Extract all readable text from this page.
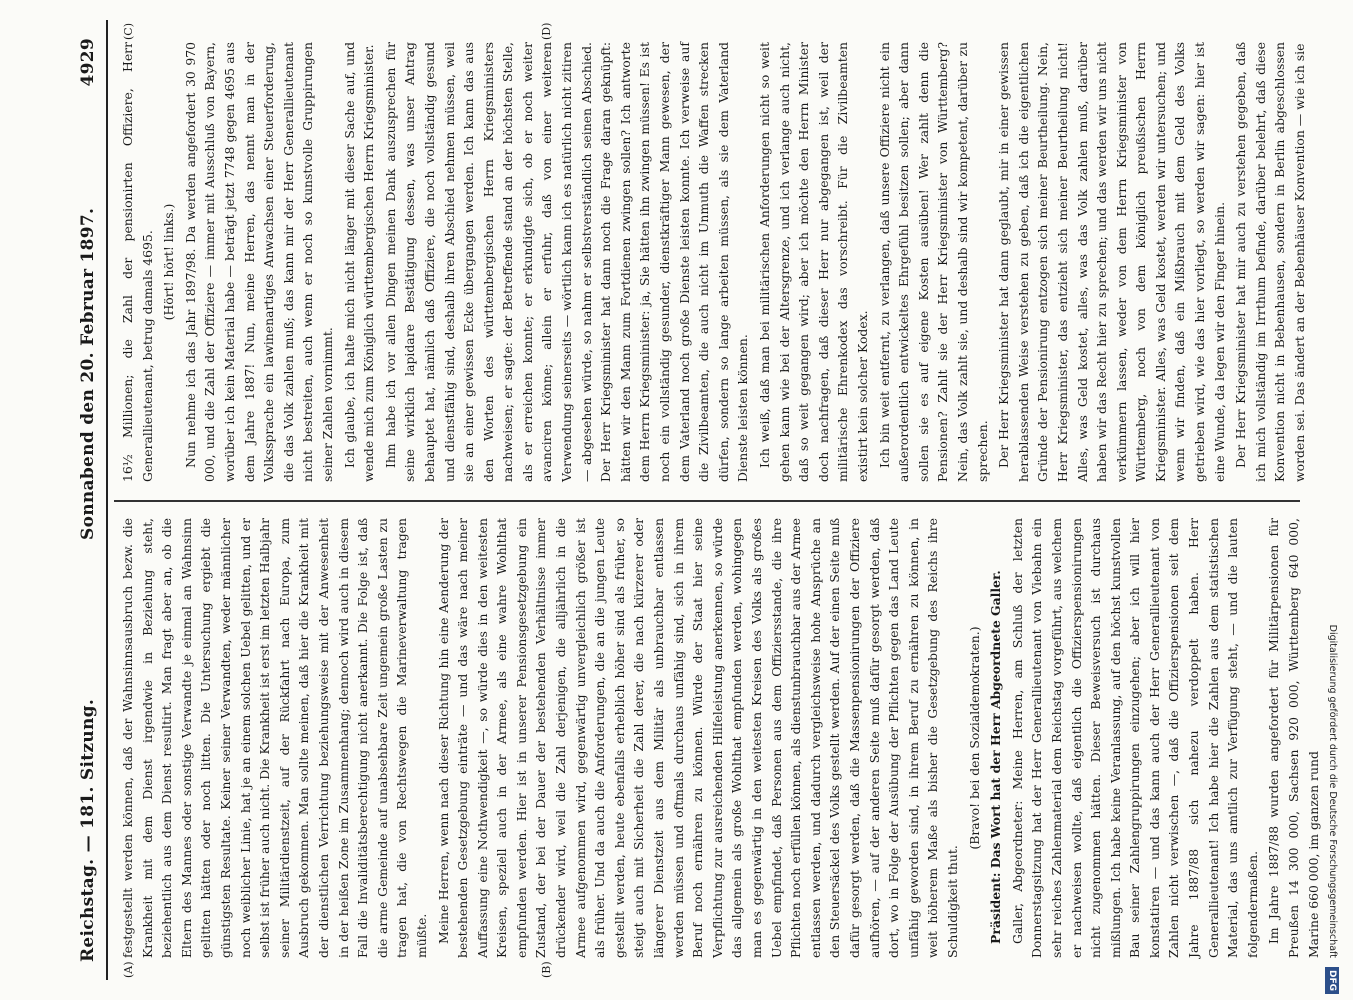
Reichstag. — 181. Sitzung.
Sonnabend den 20. Februar 1897.
4929
(A)	(B)
(C)	(D)

festgestellt werden können, daß der Wahnsinnsausbruch bezw. die Krankheit mit dem Dienst irgendwie in Beziehung steht, beziehentlich aus dem Dienst resultirt. Man fragt aber an, ob die Eltern des Mannes oder sonstige Verwandte je einmal an Wahnsinn gelitten hätten oder noch litten. Die Untersuchung ergiebt die günstigsten Resultate. Keiner seiner Verwandten, weder männlicher noch weiblicher Linie, hat je an einem solchen Uebel gelitten, und er selbst ist früher auch nicht. Die Krankheit ist erst im letzten Halbjahr seiner Militärdienstzeit, auf der Rückfahrt nach Europa, zum Ausbruch gekommen. Man sollte meinen, daß hier die Krankheit mit der dienstlichen Verrichtung beziehungsweise mit der Anwesenheit in der heißen Zone im Zusammenhang; dennoch wird auch in diesem Fall die Invaliditätsberechtigung nicht anerkannt. Die Folge ist, daß die arme Gemeinde auf unabsehbare Zeit ungemein große Lasten zu tragen hat, die von Rechtswegen die Marineverwaltung tragen müßte. Meine Herren, wenn nach dieser Richtung hin eine Aenderung der bestehenden Gesetzgebung einträte — und das wäre nach meiner Auffassung eine Nothwendigkeit —, so würde dies in den weitesten Kreisen, speziell auch in der Armee, als eine wahre Wohlthat empfunden werden. Hier ist in unserer Pensionsgesetzgebung ein Zustand, der bei der Dauer der bestehenden Verhältnisse immer drückender wird, weil die Zahl derjenigen, die alljährlich in die Armee aufgenommen wird, gegenwärtig unvergleichlich größer ist als früher. Und da auch die Anforderungen, die an die jungen Leute gestellt werden, heute ebenfalls erheblich höher sind als früher, so steigt auch mit Sicherheit die Zahl derer, die nach kürzerer oder längerer Dienstzeit aus dem Militär als unbrauchbar entlassen werden müssen und oftmals durchaus unfähig sind, sich in ihrem Beruf noch ernähren zu können. Würde der Staat hier seine Verpflichtung zur ausreichenden Hilfeleistung anerkennen, so würde das allgemein als große Wohlthat empfunden werden, wohingegen man es gegenwärtig in den weitesten Kreisen des Volks als großes Uebel empfindet, daß Personen aus dem Offiziersstande, die ihre Pflichten noch erfüllen können, als dienstunbrauchbar aus der Armee entlassen werden, und dadurch vergleichsweise hohe Ansprüche an den Steuersäckel des Volks gestellt werden. Auf der einen Seite muß dafür gesorgt werden, daß die Massenpensionirungen der Offiziere aufhören, — auf der anderen Seite muß dafür gesorgt werden, daß dort, wo in Folge der Ausübung der Pflichten gegen das Land Leute unfähig geworden sind, in ihrem Beruf zu ernähren zu können, in weit höherem Maße als bisher die Gesetzgebung des Reichs ihre Schuldigkeit thut.

(Bravo! bei den Sozialdemokraten.) Präsident: Das Wort hat der Herr Abgeordnete Galler. Galler, Abgeordneter: Meine Herren, am Schluß der letzten Donnerstagsitzung hat der Herr Generallieutenant von Viebahn ein sehr reiches Zahlenmaterial dem Reichstag vorgeführt, aus welchem er nachweisen wollte, daß eigentlich die Offizierspensionirungen nicht zugenommen hätten. Dieser Beweisversuch ist durchaus mißlungen. Ich habe keine Veranlassung, auf den höchst kunstvollen Bau seiner Zahlengruppirungen einzugehen; aber ich will hier konstatiren — und das kann auch der Herr Generallieutenant von Zahlen nicht verwischen —, daß die Offizierspensionen seit dem Jahre 1887/88 sich nahezu verdoppelt haben. Herr Generallieutenant! Ich habe hier die Zahlen aus dem statistischen Material, das uns amtlich zur Verfügung steht, — und die lauten folgendermaßen. Im Jahre 1887/88 wurden angefordert für Militärpensionen für Preußen 14 300 000, Sachsen 920 000, Württemberg 640 000, Marine 660 000, im ganzen rund

16½ Millionen; die Zahl der pensionirten Offiziere, Herr Generallieutenant, betrug damals 4695. (Hört! hört! links.) Nun nehme ich das Jahr 1897/98. Da werden angefordert 30 970 000, und die Zahl der Offiziere — immer mit Ausschluß von Bayern, worüber ich kein Material habe — beträgt jetzt 7748 gegen 4695 aus dem Jahre 1887! Nun, meine Herren, das nennt man in der Volkssprache ein lawinenartiges Anwachsen einer Steuerforderung, die das Volk zahlen muß; das kann mir der Herr Generallieutenant nicht bestreiten, auch wenn er noch so kunstvolle Gruppirungen seiner Zahlen vornimmt. Ich glaube, ich halte mich nicht länger mit dieser Sache auf, und wende mich zum Königlich württembergischen Herrn Kriegsminister. Ihm habe ich vor allen Dingen meinen Dank auszusprechen für seine wirklich lapidare Bestätigung dessen, was unser Antrag behauptet hat, nämlich daß Offiziere, die noch vollständig gesund und dienstfähig sind, deshalb ihren Abschied nehmen müssen, weil sie an einer gewissen Ecke übergangen werden. Ich kann das aus den Worten des württembergischen Herrn Kriegsministers nachweisen; er sagte: der Betreffende stand an der höchsten Stelle, als er erreichen konnte; er erkundigte sich, ob er noch weiter avanciren könne; allein er erfuhr, daß von einer weiteren Verwendung seinerseits — wörtlich kann ich es natürlich nicht zitiren — abgesehen würde, so nahm er selbstverständlich seinen Abschied. Der Herr Kriegsminister hat dann noch die Frage daran geknüpft: hätten wir den Mann zum Fortdienen zwingen sollen? Ich antworte dem Herrn Kriegsminister: ja, Sie hätten ihn zwingen müssen! Es ist noch ein vollständig gesunder, dienstkräftiger Mann gewesen, der dem Vaterland noch große Dienste leisten konnte. Ich verweise auf die Zivilbeamten, die auch nicht im Unmuth die Waffen strecken dürfen, sondern so lange arbeiten müssen, als sie dem Vaterland Dienste leisten können. Ich weiß, daß man bei militärischen Anforderungen nicht so weit gehen kann wie bei der Altersgrenze, und ich verlange auch nicht, daß so weit gegangen wird; aber ich möchte den Herrn Minister doch nachfragen, daß dieser Herr nur abgegangen ist, weil der militärische Ehrenkodex das vorschreibt. Für die Zivilbeamten existirt kein solcher Kodex. Ich bin weit entfernt, zu verlangen, daß unsere Offiziere nicht ein außerordentlich entwickeltes Ehrgefühl besitzen sollen; aber dann sollen sie es auf eigene Kosten ausüben! Wer zahlt denn die Pensionen? Zahlt sie der Herr Kriegsminister von Württemberg? Nein, das Volk zahlt sie, und deshalb sind wir kompetent, darüber zu sprechen. Der Herr Kriegsminister hat dann geglaubt, mir in einer gewissen herablassenden Weise verstehen zu geben, daß ich die eigentlichen Gründe der Pensionirung entzogen sich meiner Beurtheilung. Nein, Herr Kriegsminister, das entzieht sich meiner Beurtheilung nicht! Alles, was Geld kostet, alles, was das Volk zahlen muß, darüber haben wir das Recht hier zu sprechen; und das werden wir uns nicht verkümmern lassen, weder von dem Herrn Kriegsminister von Württemberg, noch von dem königlich preußischen Herrn Kriegsminister. Alles, was Geld kostet, werden wir untersuchen; und wenn wir finden, daß ein Mißbrauch mit dem Geld des Volks getrieben wird, wie das hier vorliegt, so werden wir sagen: hier ist eine Wunde, da legen wir den Finger hinein. Der Herr Kriegsminister hat mir auch zu verstehen gegeben, daß ich mich vollständig im Irrthum befinde, darüber belehrt, daß diese Konvention nicht in Bebenhausen, sondern in Berlin abgeschlossen worden sei. Das ändert an der Bebenhäuser Konvention — wie ich sie

Digitalisierung gefördert durch die Deutsche Forschungsgemeinschaft DFG
